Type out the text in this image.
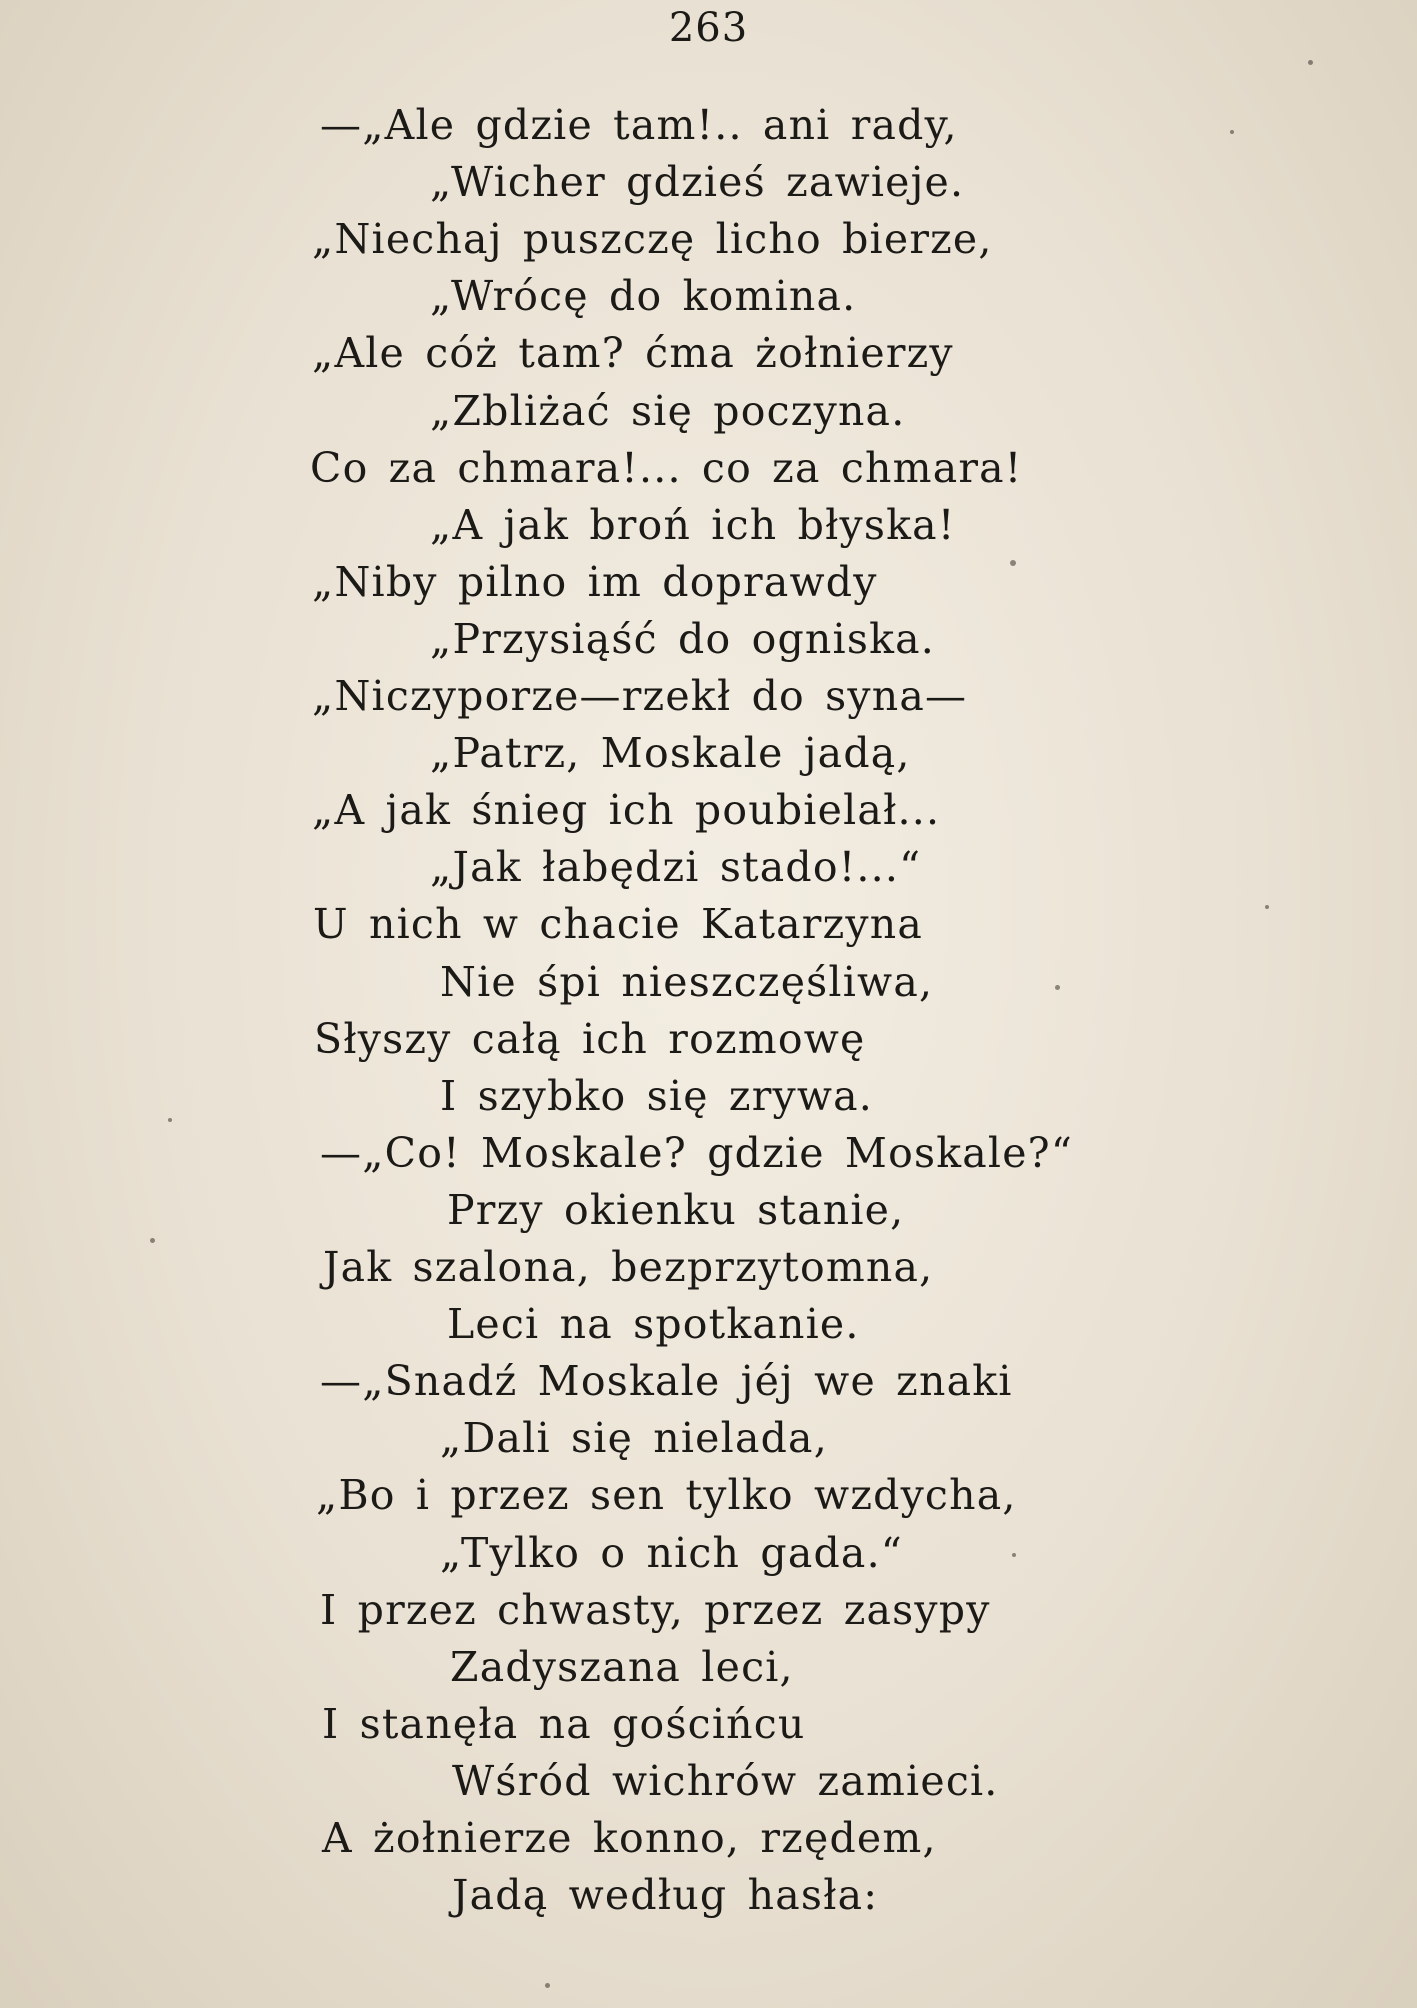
263
—„Ale gdzie tam!.. ani rady,
„Wicher gdzieś zawieje.
„Niechaj puszczę licho bierze,
„Wrócę do komina.
„Ale cóż tam? ćma żołnierzy
„Zbliżać się poczyna.
Co za chmara!... co za chmara!
„A jak broń ich błyska!
„Niby pilno im doprawdy
„Przysiąść do ogniska.
„Niczyporze—rzekł do syna—
„Patrz, Moskale jadą,
„A jak śnieg ich poubielał...
„Jak łabędzi stado!...“
U nich w chacie Katarzyna
Nie śpi nieszczęśliwa,
Słyszy całą ich rozmowę
I szybko się zrywa.
—„Co! Moskale? gdzie Moskale?“
Przy okienku stanie,
Jak szalona, bezprzytomna,
Leci na spotkanie.
—„Snadź Moskale jéj we znaki
„Dali się nielada,
„Bo i przez sen tylko wzdycha,
„Tylko o nich gada.“
I przez chwasty, przez zasypy
Zadyszana leci,
I stanęła na gościńcu
Wśród wichrów zamieci.
A żołnierze konno, rzędem,
Jadą według hasła:
